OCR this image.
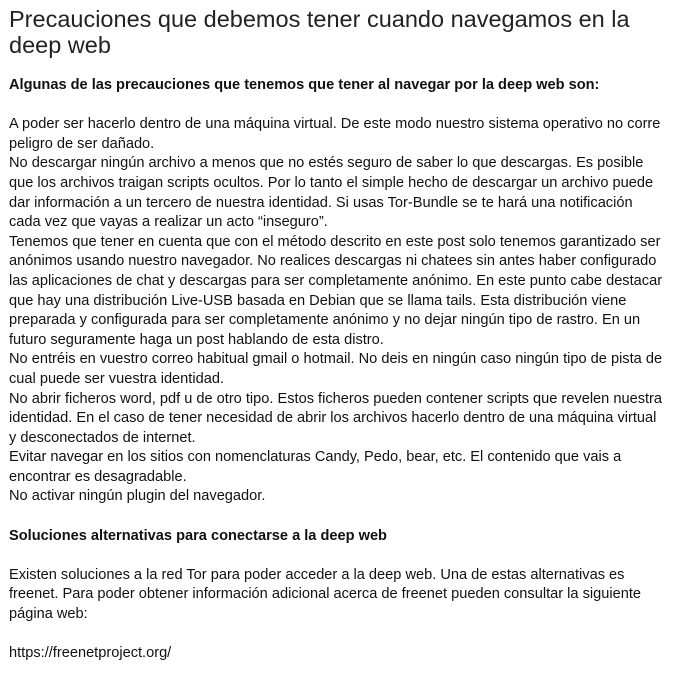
Precauciones que debemos tener cuando navegamos en la deep web
Algunas de las precauciones que tenemos que tener al navegar por la deep web son:

A poder ser hacerlo dentro de una máquina virtual. De este modo nuestro sistema operativo no corre peligro de ser dañado.

No descargar ningún archivo a menos que no estés seguro de saber lo que descargas. Es posible que los archivos traigan scripts ocultos. Por lo tanto el simple hecho de descargar un archivo puede dar información a un tercero de nuestra identidad. Si usas Tor-Bundle se te hará una notificación cada vez que vayas a realizar un acto “inseguro”.

Tenemos que tener en cuenta que con el método descrito en este post solo tenemos garantizado ser anónimos usando nuestro navegador. No realices descargas ni chatees sin antes haber configurado las aplicaciones de chat y descargas para ser completamente anónimo. En este punto cabe destacar que hay una distribución Live-USB basada en Debian que se llama tails. Esta distribución viene preparada y configurada para ser completamente anónimo y no dejar ningún tipo de rastro. En un futuro seguramente haga un post hablando de esta distro.

No entréis en vuestro correo habitual gmail o hotmail. No deis en ningún caso ningún tipo de pista de cual puede ser vuestra identidad.

No abrir ficheros word, pdf u de otro tipo. Estos ficheros pueden contener scripts que revelen nuestra identidad. En el caso de tener necesidad de abrir los archivos hacerlo dentro de una máquina virtual y desconectados de internet.

Evitar navegar en los sitios con nomenclaturas Candy, Pedo, bear, etc. El contenido que vais a encontrar es desagradable.

No activar ningún plugin del navegador.

Soluciones alternativas para conectarse a la deep web

Existen soluciones a la red Tor para poder acceder a la deep web. Una de estas alternativas es freenet. Para poder obtener información adicional acerca de freenet pueden consultar la siguiente página web:

https://freenetproject.org/
